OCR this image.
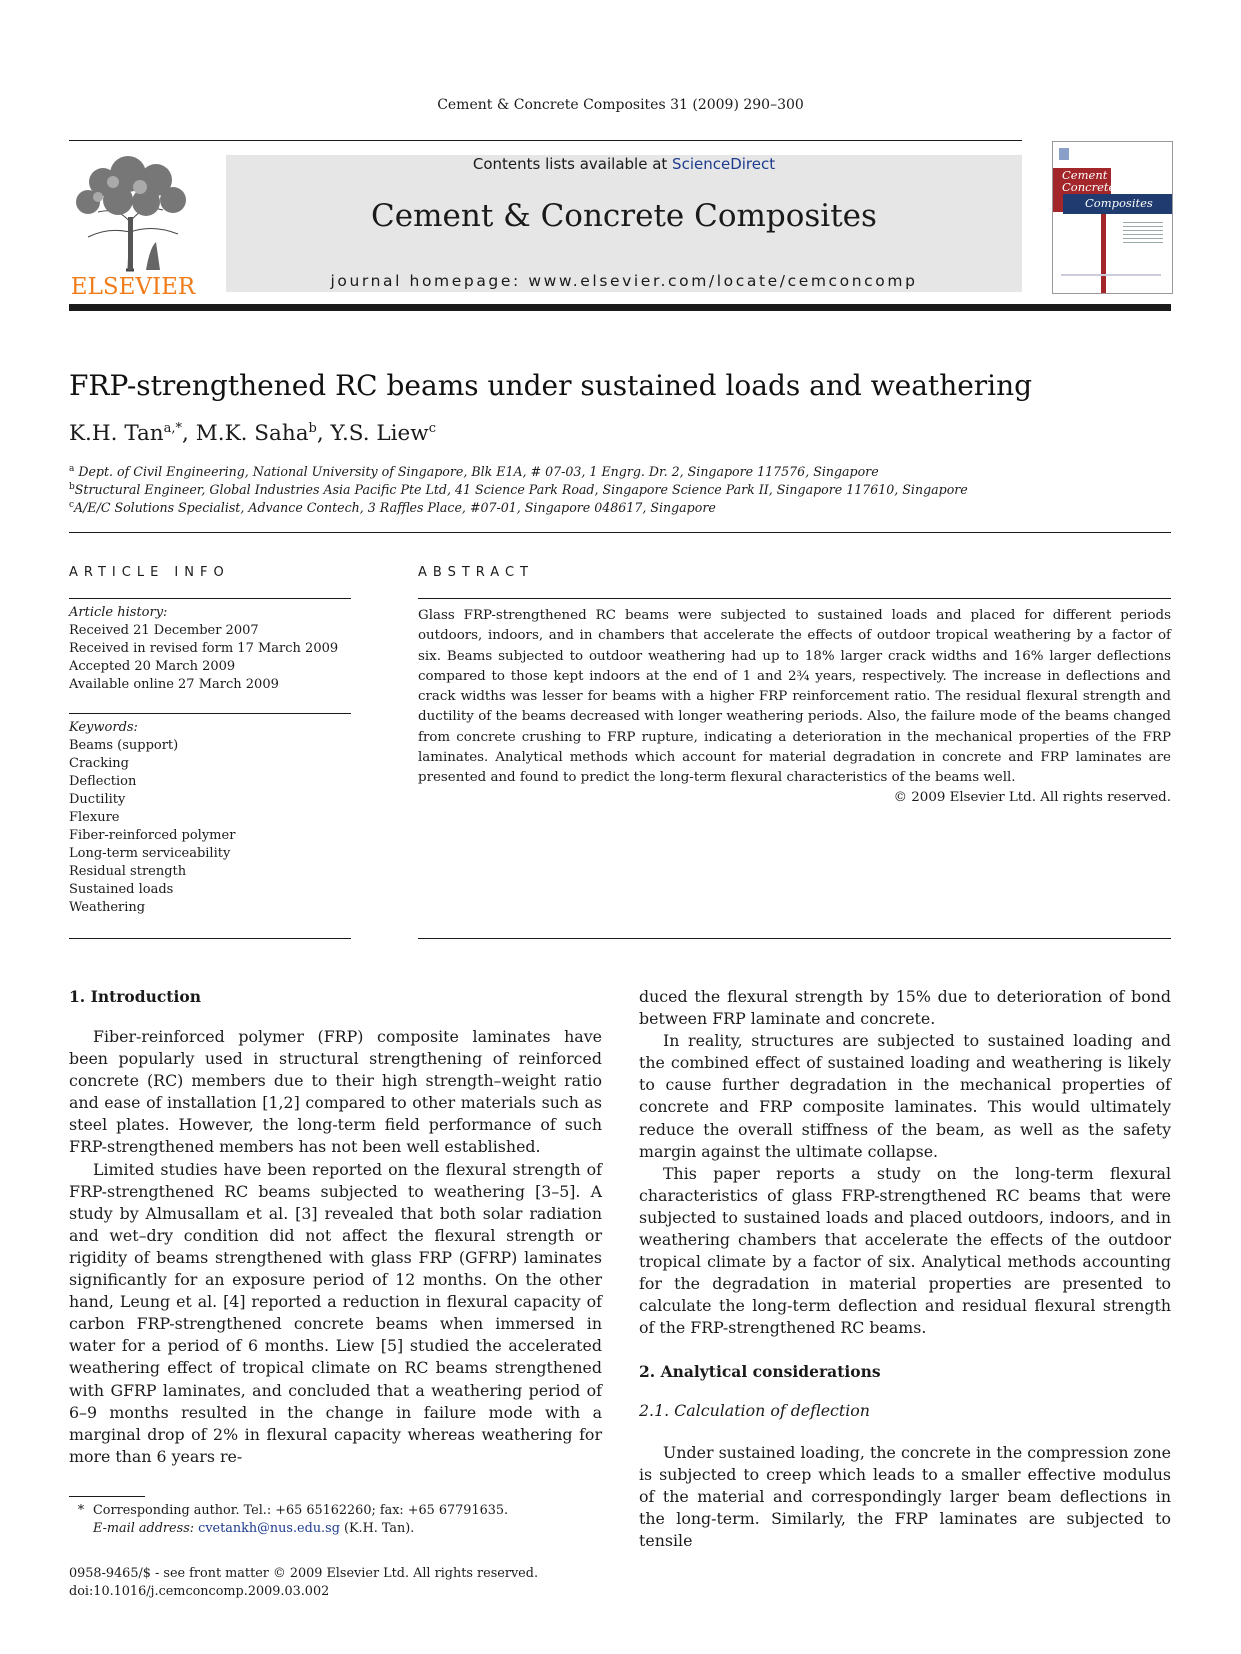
Cement & Concrete Composites 31 (2009) 290–300
ELSEVIER
Contents lists available at ScienceDirect
Cement & Concrete Composites
journal homepage: www.elsevier.com/locate/cemconcomp
Cement &
Concrete
Composites
FRP-strengthened RC beams under sustained loads and weathering
K.H. Tan$^{a,*}$, M.K. Saha$^b$, Y.S. Liew$^c$
$^a$ Dept. of Civil Engineering, National University of Singapore, Blk E1A, # 07-03, 1 Engrg. Dr. 2, Singapore 117576, Singapore
$^b$Structural Engineer, Global Industries Asia Pacific Pte Ltd, 41 Science Park Road, Singapore Science Park II, Singapore 117610, Singapore
$^c$A/E/C Solutions Specialist, Advance Contech, 3 Raffles Place, #07-01, Singapore 048617, Singapore
ARTICLE INFO
Article history:
Received 21 December 2007
Received in revised form 17 March 2009
Accepted 20 March 2009
Available online 27 March 2009
Keywords:
Beams (support)
Cracking
Deflection
Ductility
Flexure
Fiber-reinforced polymer
Long-term serviceability
Residual strength
Sustained loads
Weathering
ABSTRACT

Glass FRP-strengthened RC beams were subjected to sustained loads and placed for different periods outdoors, indoors, and in chambers that accelerate the effects of outdoor tropical weathering by a factor of six. Beams subjected to outdoor weathering had up to 18% larger crack widths and 16% larger deflections compared to those kept indoors at the end of 1 and 2¾ years, respectively. The increase in deflections and crack widths was lesser for beams with a higher FRP reinforcement ratio. The residual flexural strength and ductility of the beams decreased with longer weathering periods. Also, the failure mode of the beams changed from concrete crushing to FRP rupture, indicating a deterioration in the mechanical properties of the FRP laminates. Analytical methods which account for material degradation in concrete and FRP laminates are presented and found to predict the long-term flexural characteristics of the beams well.

© 2009 Elsevier Ltd. All rights reserved.
1. Introduction

Fiber-reinforced polymer (FRP) composite laminates have been popularly used in structural strengthening of reinforced concrete (RC) members due to their high strength–weight ratio and ease of installation [1,2] compared to other materials such as steel plates. However, the long-term field performance of such FRP-strengthened members has not been well established.

Limited studies have been reported on the flexural strength of FRP-strengthened RC beams subjected to weathering [3–5]. A study by Almusallam et al. [3] revealed that both solar radiation and wet–dry condition did not affect the flexural strength or rigidity of beams strengthened with glass FRP (GFRP) laminates significantly for an exposure period of 12 months. On the other hand, Leung et al. [4] reported a reduction in flexural capacity of carbon FRP-strengthened concrete beams when immersed in water for a period of 6 months. Liew [5] studied the accelerated weathering effect of tropical climate on RC beams strengthened with GFRP laminates, and concluded that a weathering period of 6–9 months resulted in the change in failure mode with a marginal drop of 2% in flexural capacity whereas weathering for more than 6 years re-

duced the flexural strength by 15% due to deterioration of bond between FRP laminate and concrete.

In reality, structures are subjected to sustained loading and the combined effect of sustained loading and weathering is likely to cause further degradation in the mechanical properties of concrete and FRP composite laminates. This would ultimately reduce the overall stiffness of the beam, as well as the safety margin against the ultimate collapse.

This paper reports a study on the long-term flexural characteristics of glass FRP-strengthened RC beams that were subjected to sustained loads and placed outdoors, indoors, and in weathering chambers that accelerate the effects of the outdoor tropical climate by a factor of six. Analytical methods accounting for the degradation in material properties are presented to calculate the long-term deflection and residual flexural strength of the FRP-strengthened RC beams.

2. Analytical considerations
2.1. Calculation of deflection

Under sustained loading, the concrete in the compression zone is subjected to creep which leads to a smaller effective modulus of the material and correspondingly larger beam deflections in the long-term. Similarly, the FRP laminates are subjected to tensile

* Corresponding author. Tel.: +65 65162260; fax: +65 67791635.
E-mail address: cvetankh@nus.edu.sg (K.H. Tan).
0958-9465/$ - see front matter © 2009 Elsevier Ltd. All rights reserved.
doi:10.1016/j.cemconcomp.2009.03.002
